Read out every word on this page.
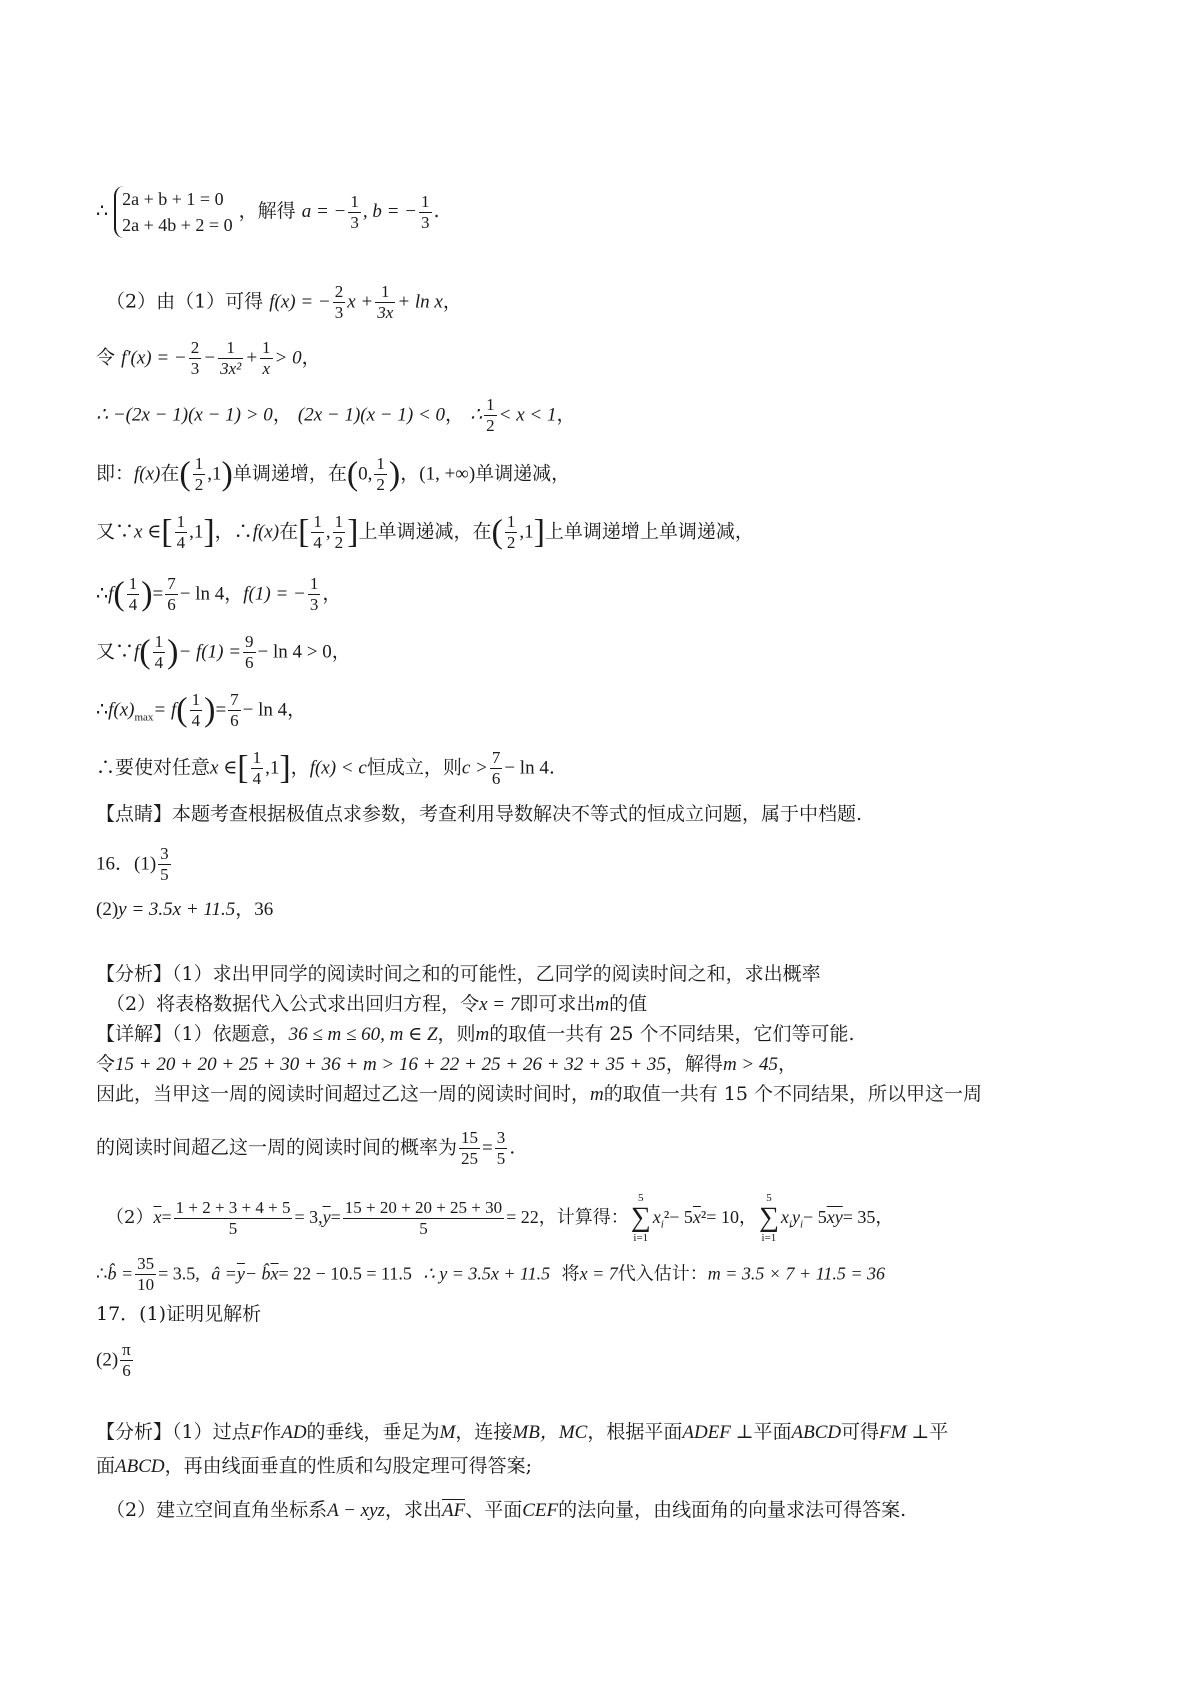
∴ 2a + b + 1 = 0
2a + 4b + 2 = 0 ，解得 a = − $\frac{1}{3}$ , b = − $\frac{1}{3}$ .
（2）由（1）可得 f(x) = − $\frac{2}{3}$ $x + \frac{1}{3x} + \ln x$，
令 f′(x) = − $\frac{2}{3} - \frac{1}{\text{3x²}} + \frac{1}{x} > 0$，
∴ −(2x − 1)(x − 1) > 0， (2x − 1)(x − 1) < 0， ∴ $\frac{1}{2} < x < 1$，
即：f(x)在( $\frac{1}{2} ,1$)单调递增，在(0, $\frac{1}{2}$ )，(1, +∞)单调递减，
又∵x ∈[ $\frac{1}{4} ,1$]，∴f(x)在[ $\frac{1}{4}$ , $\frac{1}{2}$ ]上单调递减，在( $\frac{1}{2} ,1$]上单调递增上单调递减，
∴f( $\frac{1}{4}$ )= $\frac{7}{6} - \ln 4$，f(1) = − $\frac{1}{3}$ ，
又∵f( $\frac{1}{4}$ )− $f(1) = \frac{9}{6} - \ln 4 > 0$，
$\therefore f(x)_{max}= f( \frac{1}{4}$ )= $\frac{7}{6} - \ln 4$，
∴要使对任意x ∈[ $\frac{1}{4} ,1$]，f(x) < c恒成立，则$c > \frac{7}{6} - \ln 4$.
【点睛】本题考查根据极值点求参数，考查利用导数解决不等式的恒成立问题，属于中档题.
16．$(1) \frac{3}{5}$
(2)y = 3.5x + 11.5，36
【分析】（1）求出甲同学的阅读时间之和的可能性，乙同学的阅读时间之和，求出概率
（2）将表格数据代入公式求出回归方程，令x = 7即可求出m的值
【详解】（1）依题意，36 ≤ m ≤ 60, m ∈ Z，则m的取值一共有 25 个不同结果，它们等可能.
令15 + 20 + 20 + 25 + 30 + 36 + m > 16 + 22 + 25 + 26 + 32 + 35 + 35，解得m > 45，
因此，当甲这一周的阅读时间超过乙这一周的阅读时间时，m的取值一共有 15 个不同结果，所以甲这一周
的阅读时间超乙这一周的阅读时间的概率为 $\frac{15}{25} = \frac{3}{5}$ .
$(2)\overline{x}= \frac{1 + 2 + 3 + 4 + 5}{5} = 3,\overline{y}= \frac{15 + 20 + 20 + 25 + 30}{5} = 22$，计算得：
5
∑
i=1
$x_i^2- 5\overline{x}^2= 10$，
5
∑
i=1
$x_iy_i- 5\overline{xy}= 35$，
∴b̂ = $\frac{35}{10} = 3.5$, â $=\overline{y}-$ $b̂\overline{x}= 22 - 10.5 = 11.5$ ∴ y = 3.5x + 11.5 将x = 7代入估计：m = 3.5 × 7 + 11.5 = 36
17．(1)证明见解析
$(2) \frac{\pi}{6}$
【分析】（1）过点F作AD的垂线，垂足为M，连接MB，MC，根据平面ADEF ⊥平面ABCD可得FM ⊥平
面ABCD，再由线面垂直的性质和勾股定理可得答案;
（2）建立空间直角坐标系A − xyz，求出AF、平面CEF的法向量，由线面角的向量求法可得答案.
